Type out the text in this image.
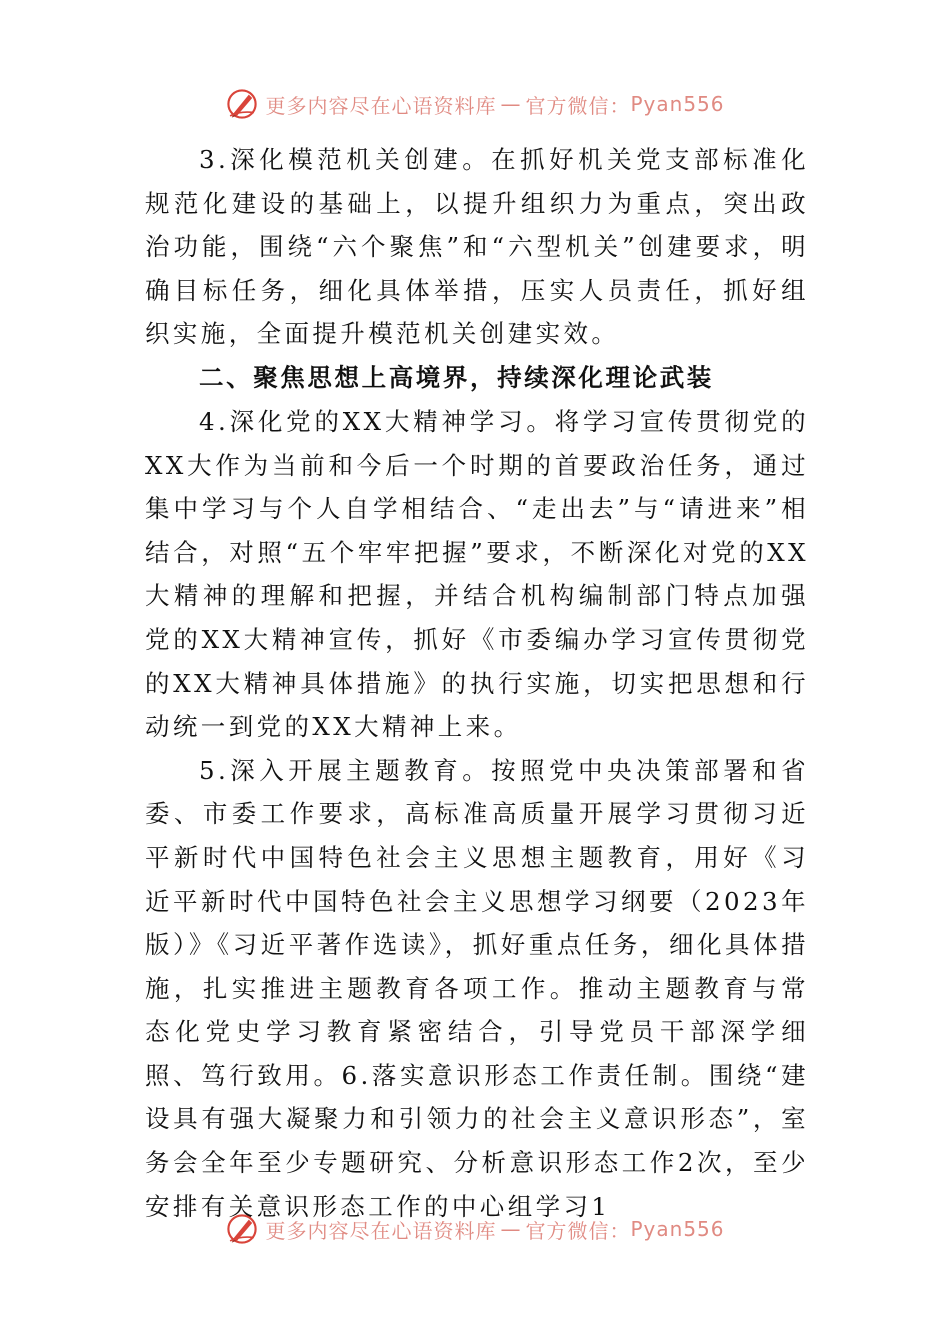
更多内容尽在心语资料库 — 官方微信： Pyan556

3.深化模范机关创建。在抓好机关党支部标准化规范化建设的基础上，以提升组织力为重点，突出政治功能，围绕“六个聚焦”和“六型机关”创建要求，明确目标任务，细化具体举措，压实人员责任，抓好组织实施，全面提升模范机关创建实效。

二、聚焦思想上高境界，持续深化理论武装

4.深化党的XX大精神学习。将学习宣传贯彻党的XX大作为当前和今后一个时期的首要政治任务，通过集中学习与个人自学相结合、“走出去”与“请进来”相结合，对照“五个牢牢把握”要求，不断深化对党的XX大精神的理解和把握，并结合机构编制部门特点加强党的XX大精神宣传，抓好《市委编办学习宣传贯彻党的XX大精神具体措施》的执行实施，切实把思想和行动统一到党的XX大精神上来。

5.深入开展主题教育。按照党中央决策部署和省委、市委工作要求，高标准高质量开展学习贯彻习近平新时代中国特色社会主义思想主题教育，用好《习近平新时代中国特色社会主义思想学习纲要（2023年版）》《习近平著作选读》，抓好重点任务，细化具体措施，扎实推进主题教育各项工作。推动主题教育与常态化党史学习教育紧密结合，引导党员干部深学细照、笃行致用。6.落实意识形态工作责任制。围绕“建设具有强大凝聚力和引领力的社会主义意识形态”，室务会全年至少专题研究、分析意识形态工作2次，至少安排有关意识形态工作的中心组学习1

更多内容尽在心语资料库 — 官方微信： Pyan556
